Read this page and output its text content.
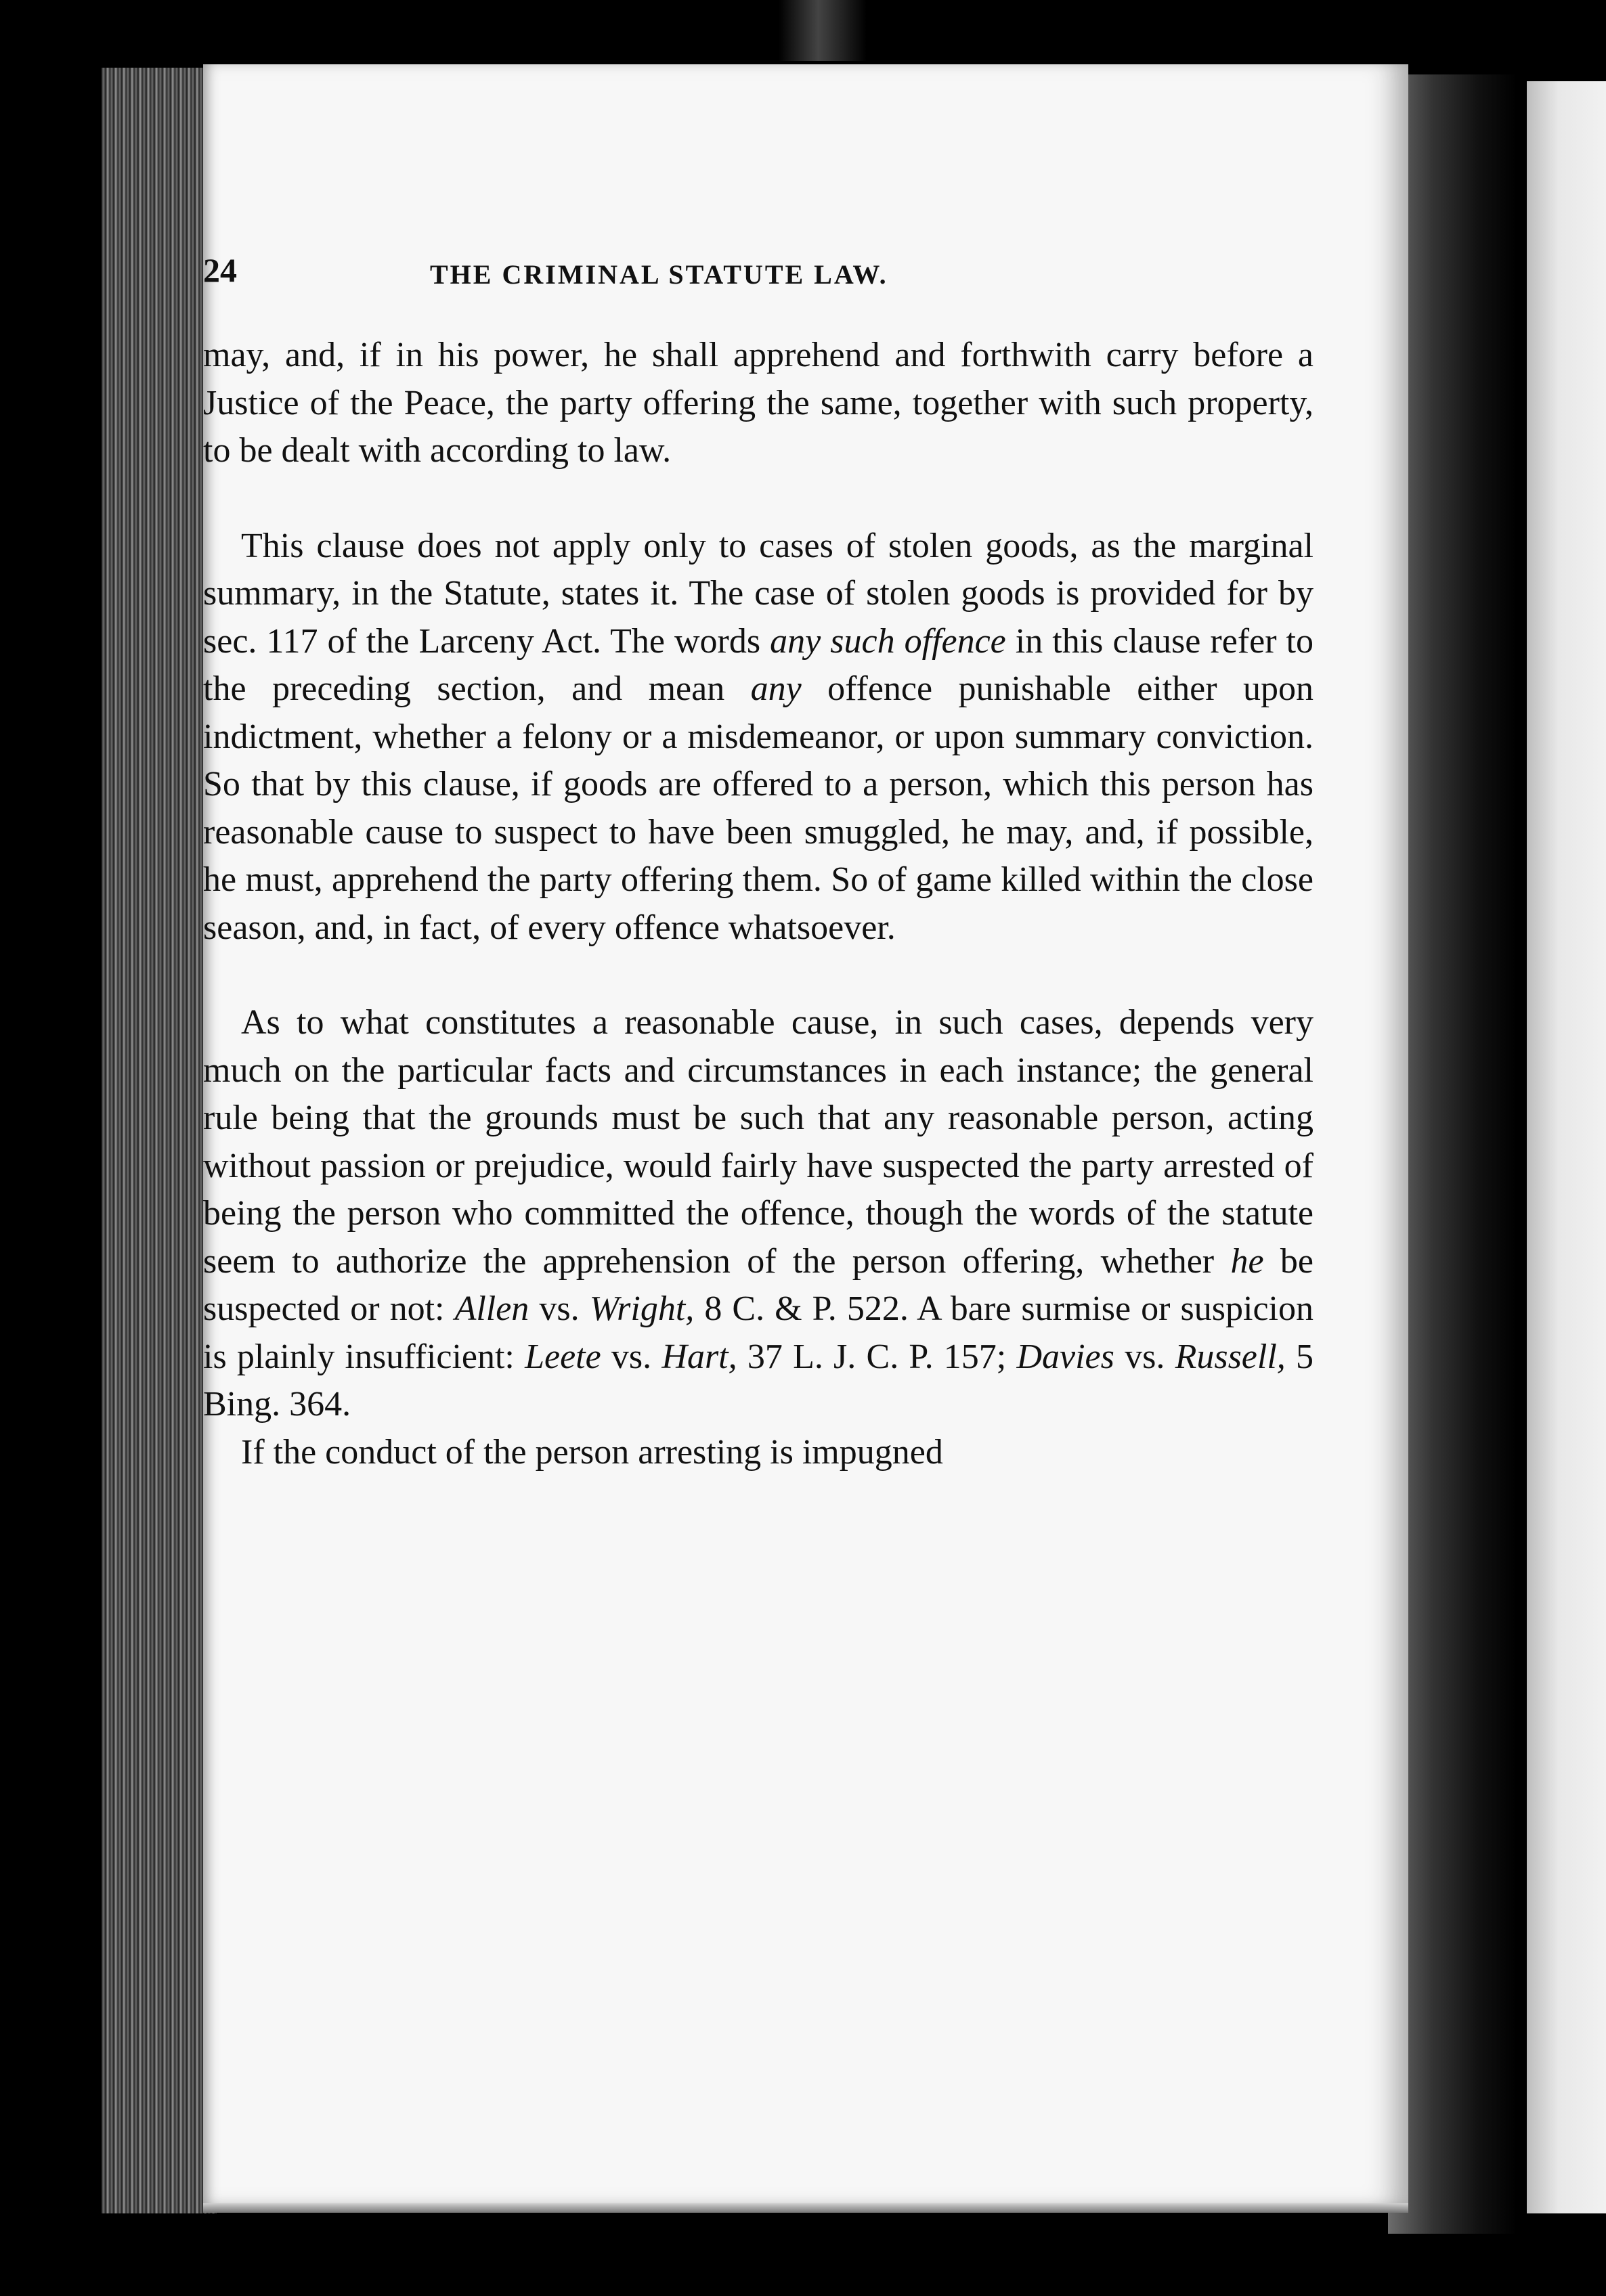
24	THE CRIMINAL STATUTE LAW.

may, and, if in his power, he shall apprehend and forthwith carry before a Justice of the Peace, the party offering the same, together with such property, to be dealt with according to law.

This clause does not apply only to cases of stolen goods, as the marginal summary, in the Statute, states it. The case of stolen goods is provided for by sec. 117 of the Larceny Act. The words any such offence in this clause refer to the preceding section, and mean any offence punishable either upon indictment, whether a felony or a misdemeanor, or upon summary conviction. So that by this clause, if goods are offered to a person, which this person has reasonable cause to suspect to have been smuggled, he may, and, if possible, he must, apprehend the party offering them. So of game killed within the close season, and, in fact, of every offence whatsoever.

As to what constitutes a reasonable cause, in such cases, depends very much on the particular facts and circumstances in each instance; the general rule being that the grounds must be such that any reasonable person, acting without passion or prejudice, would fairly have suspected the party arrested of being the person who committed the offence, though the words of the statute seem to authorize the apprehension of the person offering, whether he be suspected or not: Allen vs. Wright, 8 C. & P. 522. A bare surmise or suspicion is plainly insufficient: Leete vs. Hart, 37 L. J. C. P. 157; Davies vs. Russell, 5 Bing. 364.

If the conduct of the person arresting is impugned
